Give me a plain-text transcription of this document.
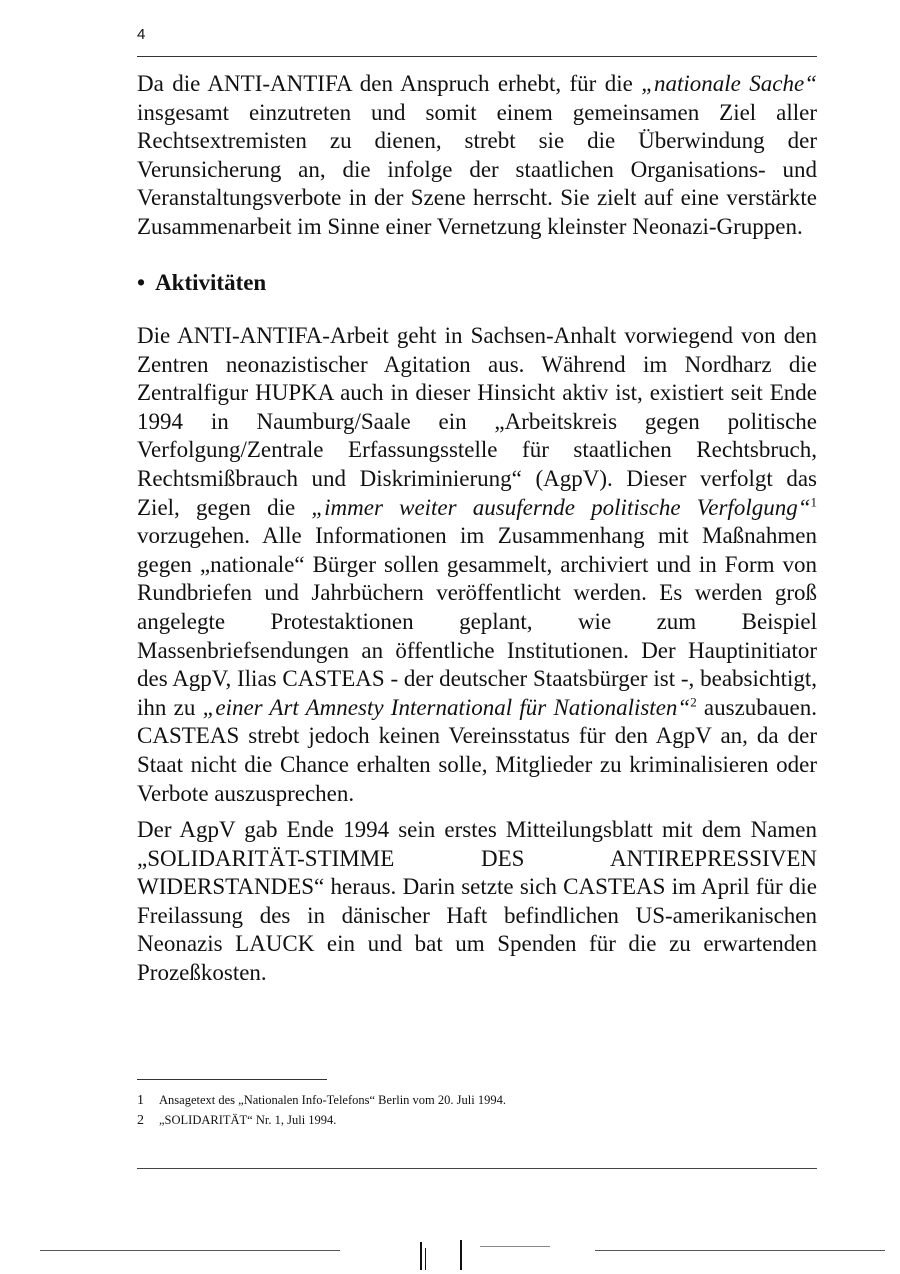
4

Da die ANTI-ANTIFA den Anspruch erhebt, für die „nationale Sache“ insgesamt einzutreten und somit einem gemeinsamen Ziel aller Rechtsextremisten zu dienen, strebt sie die Überwindung der Verunsicherung an, die infolge der staatlichen Organisations- und Veranstaltungsverbote in der Szene herrscht. Sie zielt auf eine verstärkte Zusammenarbeit im Sinne einer Vernetzung kleinster Neonazi-Gruppen.

• Aktivitäten

Die ANTI-ANTIFA-Arbeit geht in Sachsen-Anhalt vorwiegend von den Zentren neonazistischer Agitation aus. Während im Nordharz die Zentralfigur HUPKA auch in dieser Hinsicht aktiv ist, existiert seit Ende 1994 in Naumburg/Saale ein „Arbeitskreis gegen politische Verfolgung/Zentrale Erfassungsstelle für staatlichen Rechtsbruch, Rechtsmißbrauch und Diskriminierung“ (AgpV). Dieser verfolgt das Ziel, gegen die „immer weiter ausufernde politische Verfolgung“$^1$ vorzugehen. Alle Informationen im Zusammenhang mit Maßnahmen gegen „nationale“ Bürger sollen gesammelt, archiviert und in Form von Rundbriefen und Jahrbüchern veröffentlicht werden. Es werden groß angelegte Protestaktionen geplant, wie zum Beispiel Massenbriefsendungen an öffentliche Institutionen. Der Hauptinitiator des AgpV, Ilias CASTEAS - der deutscher Staatsbürger ist -, beabsichtigt, ihn zu „einer Art Amnesty International für Nationalisten“$^2$ auszubauen. CASTEAS strebt jedoch keinen Vereinsstatus für den AgpV an, da der Staat nicht die Chance erhalten solle, Mitglieder zu kriminalisieren oder Verbote auszusprechen.

Der AgpV gab Ende 1994 sein erstes Mitteilungsblatt mit dem Namen „SOLIDARITÄT-STIMME DES ANTIREPRESSIVEN WIDERSTANDES“ heraus. Darin setzte sich CASTEAS im April für die Freilassung des in dänischer Haft befindlichen US-amerikanischen Neonazis LAUCK ein und bat um Spenden für die zu erwartenden Prozeßkosten.

1 Ansagetext des „Nationalen Info-Telefons“ Berlin vom 20. Juli 1994.
2 „SOLIDARITÄT“ Nr. 1, Juli 1994.
